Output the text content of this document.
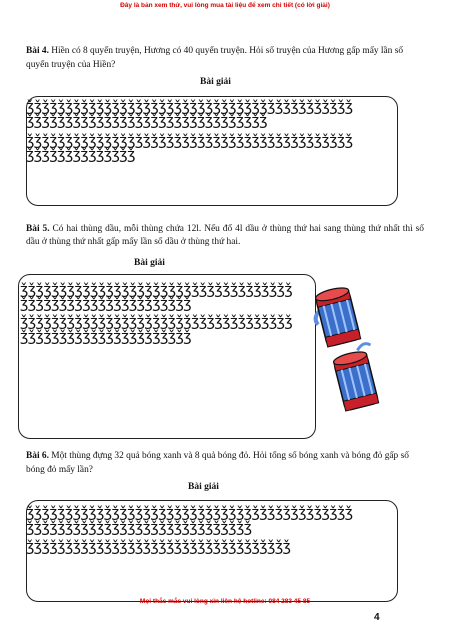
Đây là bản xem thử, vui lòng mua tài liệu để xem chi tiết (có lời giải)
Bài 4. Hiền có 8 quyển truyện, Hương có 40 quyển truyện. Hỏi số truyện của Hương gấp mấy lần số quyển truyện của Hiền?
Bài giải
ǯǯǯǯǯǯǯǯǯǯǯǯǯǯǯǯǯǯǯǯǯǯǯǯǯǯǯǯǯǯǯǯǯǯǯǯǯǯǯǯǯǯ
ǯǯǯǯǯǯǯǯǯǯǯǯǯǯǯǯǯǯǯǯǯǯǯǯǯǯǯǯǯǯǯ
ǯǯǯǯǯǯǯǯǯǯǯǯǯǯǯǯǯǯǯǯǯǯǯǯǯǯǯǯǯǯǯǯǯǯǯǯǯǯǯǯǯǯ
ǯǯǯǯǯǯǯǯǯǯǯǯǯǯ
Bài 5. Có hai thùng dầu, mỗi thùng chứa 12l. Nếu đổ 4l dầu ở thùng thứ hai sang thùng thứ nhất thì số dầu ở thùng thứ nhất gấp mấy lần số dầu ở thùng thứ hai.
Bài giải
ǯǯǯǯǯǯǯǯǯǯǯǯǯǯǯǯǯǯǯǯǯǯǯǯǯǯǯǯǯǯǯǯǯǯǯ
ǯǯǯǯǯǯǯǯǯǯǯǯǯǯǯǯǯǯǯǯǯǯ
ǯǯǯǯǯǯǯǯǯǯǯǯǯǯǯǯǯǯǯǯǯǯǯǯǯǯǯǯǯǯǯǯǯǯǯ
ǯǯǯǯǯǯǯǯǯǯǯǯǯǯǯǯǯǯǯǯǯǯ
Bài 6. Một thùng đựng 32 quả bóng xanh và 8 quả bóng đỏ. Hỏi tổng số bóng xanh và bóng đỏ gấp số bóng đỏ mấy lần?
Bài giải
ǯǯǯǯǯǯǯǯǯǯǯǯǯǯǯǯǯǯǯǯǯǯǯǯǯǯǯǯǯǯǯǯǯǯǯǯǯǯǯǯǯǯ
ǯǯǯǯǯǯǯǯǯǯǯǯǯǯǯǯǯǯǯǯǯǯǯǯǯǯǯǯǯ
ǯǯǯǯǯǯǯǯǯǯǯǯǯǯǯǯǯǯǯǯǯǯǯǯǯǯǯǯǯǯǯǯǯǯ
Mọi thắc mắc vui lòng xin liên hệ hotline: 084 283 45 85
4
